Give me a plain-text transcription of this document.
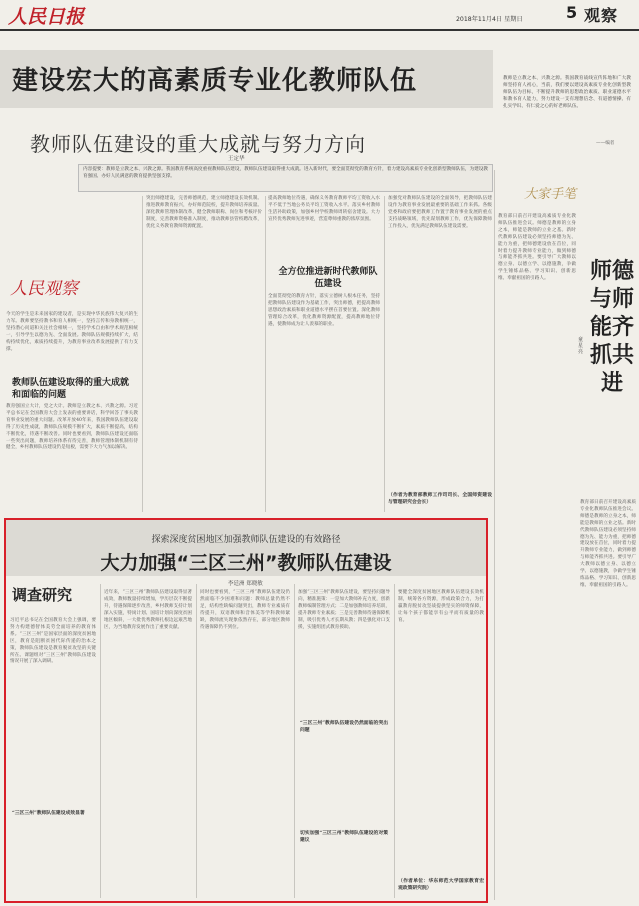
人民日报	2018年11月4日 星期日	5 观察
建设宏大的高素质专业化教师队伍
教师队伍建设的重大成就与努力方向
王定华
内容提要：教师是立教之本、兴教之源。我国教育系统高度重视教师队伍建设，教师队伍建设取得重大成就。进入新时代，要全面贯彻党的教育方针，着力建设高素质专业化创新型教师队伍，为建设教育强国、办好人民满意的教育提供坚强支撑。
人民观察
今天的学生是未来国家的建设者，是实现中华民族伟大复兴的生力军。教师要坚持教书和育人相统一，坚持言传和身教相统一，坚持潜心问道和关注社会相统一，坚持学术自由和学术规范相统一，引导学生以德为先、全面发展。教师队伍规模持续扩大，结构持续优化，素质持续提升，为教育事业改革发展提供了有力支撑。
教师队伍建设取得的重大成就和面临的问题
教育强国立大计，党之大计。教师是立教之本、兴教之源。习近平总书记在全国教育大会上发表的重要讲话，科学回答了事关教育事业发展的重大问题。改革开放40年来，我国教师队伍建设取得了历史性成就，教师队伍规模不断扩大，素质不断提高，结构不断优化，待遇不断改善。同时也要看到，教师队伍建设还面临一些突出问题，教师培养体系有待完善，教师管理体制机制有待健全，乡村教师队伍建设仍是短板，需要下大力气加以解决。
突出师德建设，完善师德规范，建立师德建设长效机制。推进教师教育振兴，办好师范院校，提升教师培养质量。深化教师管理体制改革，健全教师职称、岗位和考核评价制度，完善教师资格准入制度，推动教师县管校聘改革，优化义务教育教师资源配置。
提高教师地位待遇，确保义务教育教师平均工资收入水平不低于当地公务员平均工资收入水平。落实乡村教师生活补助政策，加强乡村学校教师周转宿舍建设。大力宣传优秀教师先进事迹，营造尊师重教的浓厚氛围。
全方位推进新时代教师队伍建设
全面贯彻党的教育方针，落实立德树人根本任务，坚持把教师队伍建设作为基础工作，突出师德，把提高教师思想政治素质和职业道德水平摆在首要位置。深化教师管理综合改革，优化教师资源配置，提高教师地位待遇，使教师成为让人羡慕的职业。
加强党对教师队伍建设的全面领导，把教师队伍建设作为教育事业发展最重要的基础工作来抓。各级党委和政府要把教师工作置于教育事业发展的重点支持战略领域，优先谋划教师工作，优先保障教师工作投入，优先满足教师队伍建设需要。
（作者为教育部教师工作司司长、全国师资建设与管理研究会会长）
教师是立教之本、兴教之源。我国教育战线宣传阵地和广大教师坚持育人初心，当前，我们要以建设高素质专业化创新型教师队伍为目标，不断提升教师的思想政治素质、职业道德水平和教书育人能力，努力建设一支有理想信念、有道德情操、有扎实学识、有仁爱之心的好老师队伍。
——编者
大家手笔
教育部日前召开建设高素质专业化教师队伍推进会议。师德是教师的立身之本，师能是教师的立业之基。新时代教师队伍建设必须坚持师德为先、能力为重，把师德建设放在首位，同时着力提升教师专业能力，做到师德与师能齐抓共进。要引导广大教师以德立身、以德立学、以德施教，争做学生锤炼品格、学习知识、创新思维、奉献祖国的引路人。
童星亮
师德与师能齐抓共进
教育部日前召开建设高素质专业化教师队伍推进会议。师德是教师的立身之本，师能是教师的立业之基。新时代教师队伍建设必须坚持师德为先、能力为重，把师德建设放在首位，同时着力提升教师专业能力，做到师德与师能齐抓共进。要引导广大教师以德立身、以德立学、以德施教，争做学生锤炼品格、学习知识、创新思维、奉献祖国的引路人。
探索深度贫困地区加强教师队伍建设的有效路径
大力加强“三区三州”教师队伍建设
李廷洲 郑晓敏
调查研究
习近平总书记在全国教育大会上强调，要努力构建德智体美劳全面培养的教育体系。“三区三州”是国家层面的深度贫困地区，教育是阻断贫困代际传递的治本之策，教师队伍建设是教育脱贫攻坚的关键所在。课题组对“三区三州”教师队伍建设情况开展了深入调研。
近年来，“三区三州”教师队伍建设取得显著成效，教师数量持续增加，学历层次不断提升，待遇保障逐步改善，乡村教师支持计划深入实施，特岗计划、国培计划向深度贫困地区倾斜，一大批优秀教师扎根边远艰苦地区，为当地教育发展作出了重要贡献。
同时也要看到，“三区三州”教师队伍建设仍然面临不少困难和问题：教师总量仍然不足，结构性缺编问题突出，教师专业素质有待提升，双语教师和音体美等学科教师紧缺，教师流失现象依然存在，部分地区教师待遇保障仍不到位。
加强“三区三州”教师队伍建设，要坚持问题导向，精准施策：一是加大教师补充力度，创新教师编制管理方式；二是加强教师培养培训，提升教师专业素质；三是完善教师待遇保障机制，吸引优秀人才长期从教；四是强化对口支援，实施组团式教育援助。
要健全深度贫困地区教师队伍建设长效机制，统筹各方资源，形成政策合力，为打赢教育脱贫攻坚战提供坚实的师资保障，让每个孩子都能享有公平而有质量的教育。
“三区三州”教师队伍建设成效显著
“三区三州”教师队伍建设仍然面临的突出问题
切实加强“三区三州”教师队伍建设的对策建议
（作者单位：华东师范大学国家教育宏观政策研究院）
